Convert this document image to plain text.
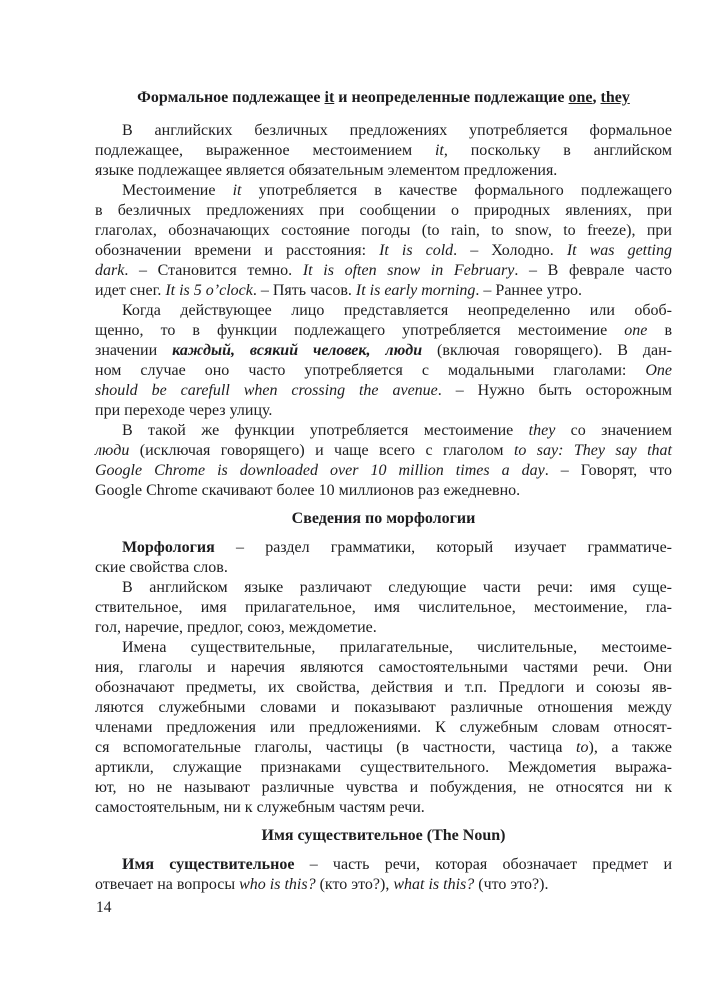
Формальное подлежащее it и неопределенные подлежащие one, they
В английских безличных предложениях употребляется формальное
подлежащее, выраженное местоимением it, поскольку в английском
языке подлежащее является обязательным элементом предложения.
Местоимение it употребляется в качестве формального подлежащего
в безличных предложениях при сообщении о природных явлениях, при
глаголах, обозначающих состояние погоды (to rain, to snow, to freeze), при
обозначении времени и расстояния: It is cold. – Холодно. It was getting
dark. – Становится темно. It is often snow in February. – В феврале часто
идет снег. It is 5 o’clock. – Пять часов. It is early morning. – Раннее утро.
Когда действующее лицо представляется неопределенно или обоб-
щенно, то в функции подлежащего употребляется местоимение one в
значении каждый, всякий человек, люди (включая говорящего). В дан-
ном случае оно часто употребляется с модальными глаголами: One
should be carefull when crossing the avenue. – Нужно быть осторожным
при переходе через улицу.
В такой же функции употребляется местоимение they со значением
люди (исключая говорящего) и чаще всего с глаголом to say: They say that
Google Chrome is downloaded over 10 million times a day. – Говорят, что
Google Chrome скачивают более 10 миллионов раз ежедневно.
Сведения по морфологии
Морфология – раздел грамматики, который изучает грамматиче-
ские свойства слов.
В английском языке различают следующие части речи: имя суще-
ствительное, имя прилагательное, имя числительное, местоимение, гла-
гол, наречие, предлог, союз, междометие.
Имена существительные, прилагательные, числительные, местоиме-
ния, глаголы и наречия являются самостоятельными частями речи. Они
обозначают предметы, их свойства, действия и т.п. Предлоги и союзы яв-
ляются служебными словами и показывают различные отношения между
членами предложения или предложениями. К служебным словам относят-
ся вспомогательные глаголы, частицы (в частности, частица to), а также
артикли, служащие признаками существительного. Междометия выража-
ют, но не называют различные чувства и побуждения, не относятся ни к
самостоятельным, ни к служебным частям речи.
Имя существительное (The Noun)
Имя существительное – часть речи, которая обозначает предмет и
отвечает на вопросы who is this? (кто это?), what is this? (что это?).
14
